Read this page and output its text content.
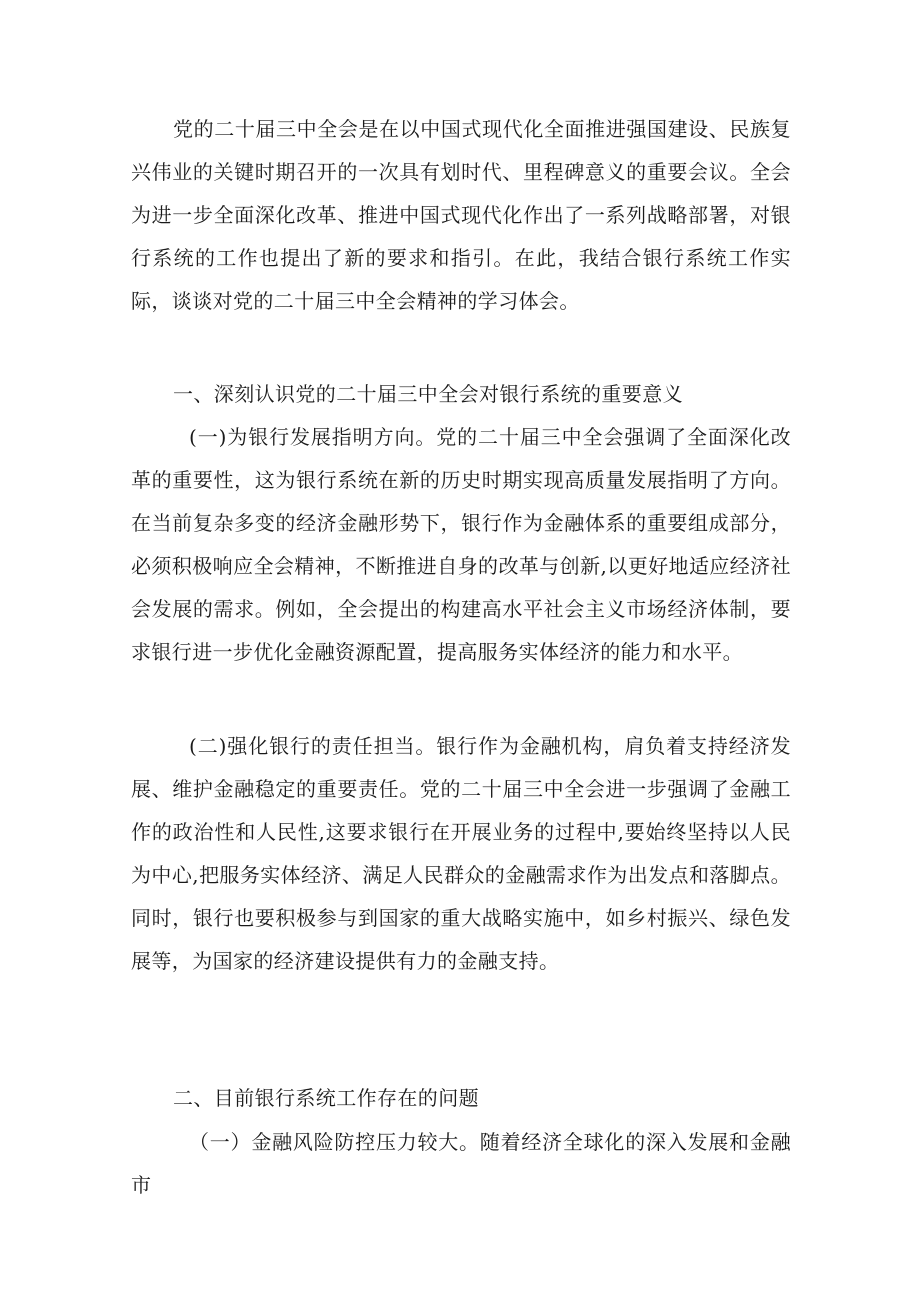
党的二十届三中全会是在以中国式现代化全面推进强国建设、民族复兴伟业的关键时期召开的一次具有划时代、里程碑意义的重要会议。全会为进一步全面深化改革、推进中国式现代化作出了一系列战略部署，对银行系统的工作也提出了新的要求和指引。在此，我结合银行系统工作实际，谈谈对党的二十届三中全会精神的学习体会。

一、深刻认识党的二十届三中全会对银行系统的重要意义

(一)为银行发展指明方向。党的二十届三中全会强调了全面深化改革的重要性，这为银行系统在新的历史时期实现高质量发展指明了方向。在当前复杂多变的经济金融形势下，银行作为金融体系的重要组成部分，必须积极响应全会精神，不断推进自身的改革与创新,以更好地适应经济社会发展的需求。例如，全会提出的构建高水平社会主义市场经济体制，要求银行进一步优化金融资源配置，提高服务实体经济的能力和水平。

(二)强化银行的责任担当。银行作为金融机构，肩负着支持经济发展、维护金融稳定的重要责任。党的二十届三中全会进一步强调了金融工作的政治性和人民性,这要求银行在开展业务的过程中,要始终坚持以人民为中心,把服务实体经济、满足人民群众的金融需求作为出发点和落脚点。同时，银行也要积极参与到国家的重大战略实施中，如乡村振兴、绿色发展等，为国家的经济建设提供有力的金融支持。

二、目前银行系统工作存在的问题

（一）金融风险防控压力较大。随着经济全球化的深入发展和金融市
